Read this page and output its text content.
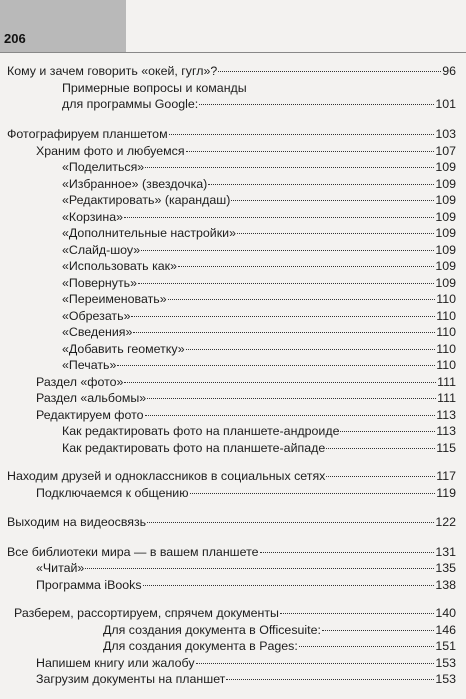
206
Кому и зачем говорить «окей, гугл»?	96
Примерные вопросы и команды
для программы Google:	101
Фотографируем планшетом	103
Храним фото и любуемся	107
«Поделиться»	109
«Избранное» (звездочка)	109
«Редактировать» (карандаш)	109
«Корзина»	109
«Дополнительные настройки»	109
«Слайд-шоу»	109
«Использовать как»	109
«Повернуть»	109
«Переименовать»	110
«Обрезать»	110
«Сведения»	110
«Добавить геометку»	110
«Печать»	110
Раздел «фото»	111
Раздел «альбомы»	111
Редактируем фото	113
Как редактировать фото на планшете-андроиде	113
Как редактировать фото на планшете-айпаде	115
Находим друзей и одноклассников в социальных сетях	117
Подключаемся к общению	119
Выходим на видеосвязь	122
Все библиотеки мира — в вашем планшете	131
«Читай»	135
Программа iBooks	138
Разберем, рассортируем, спрячем документы	140
Для создания документа в Officesuite:	146
Для создания документа в Pages:	151
Напишем книгу или жалобу	153
Загрузим документы на планшет	153
